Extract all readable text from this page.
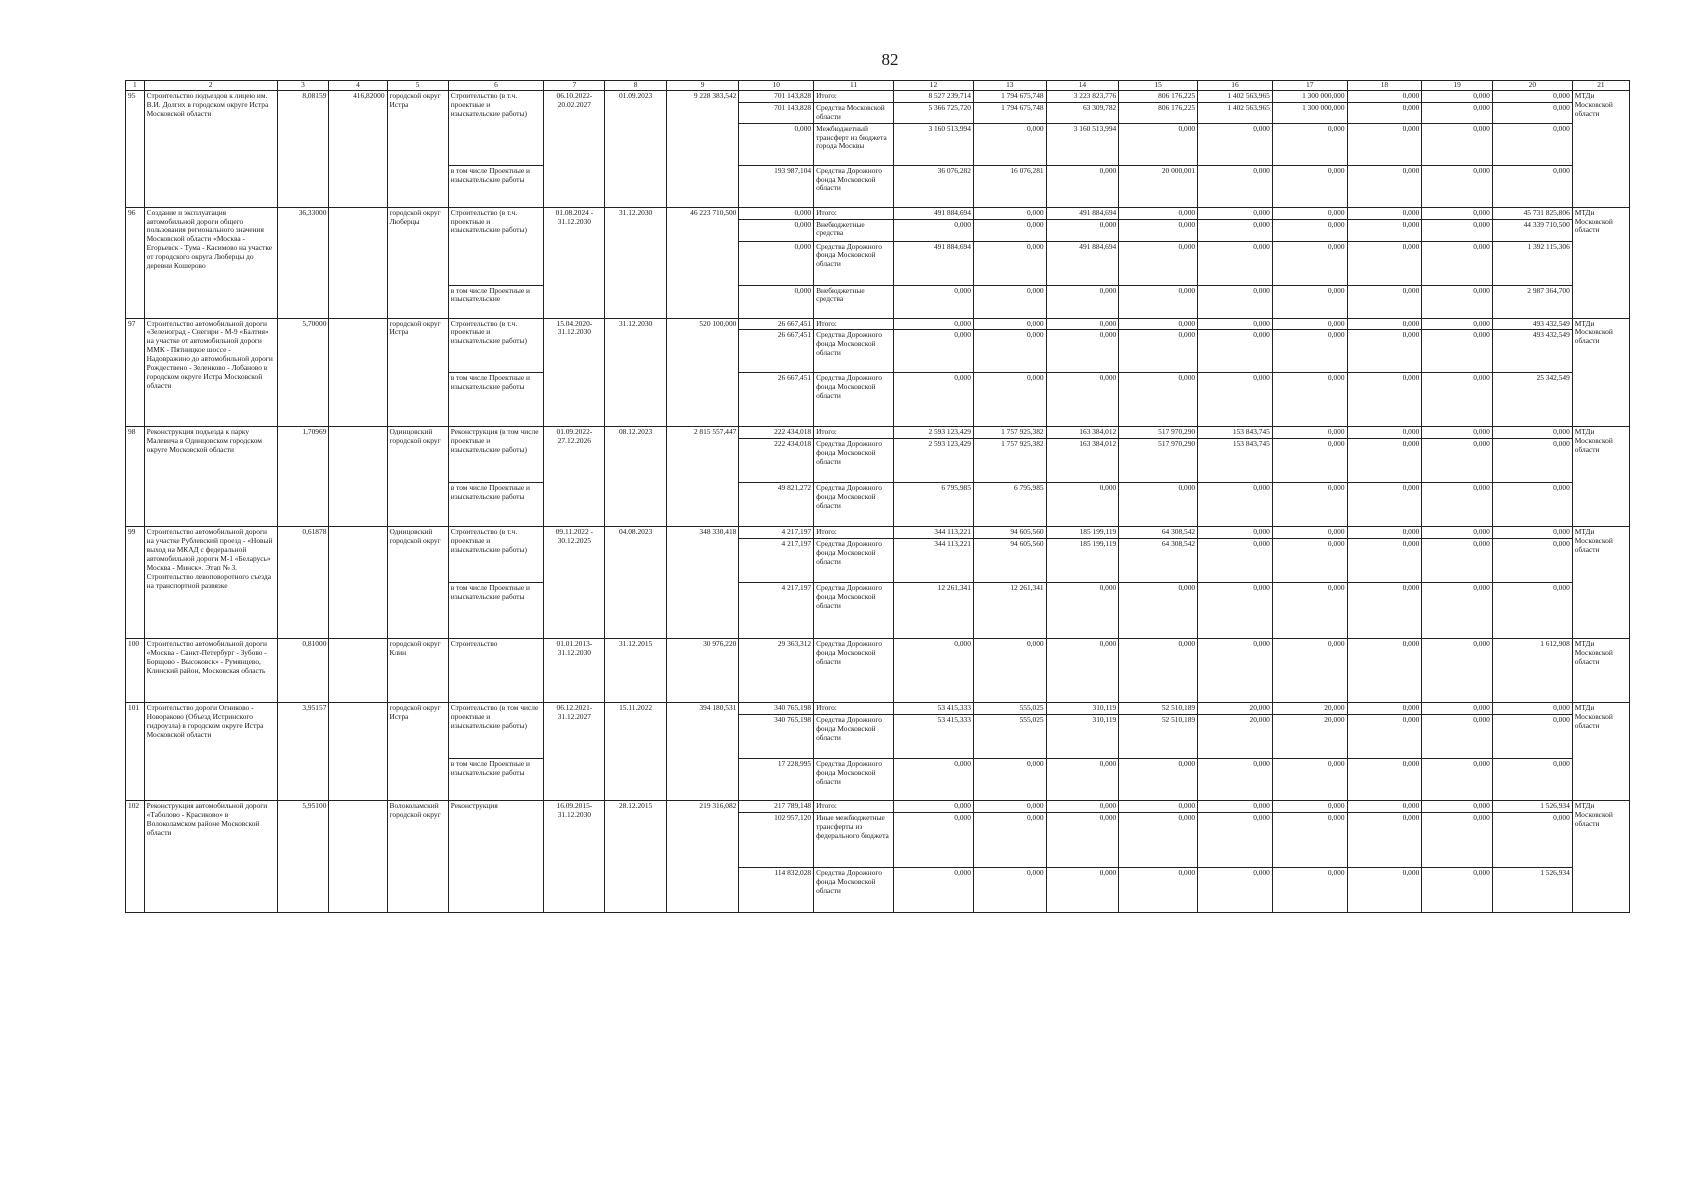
82
1	2	3	4	5	6	7	8	9	10	11	12	13	14	15	16	17	18	19	20	21
95	Строительство подъездов к лицею им. В.И. Долгих в городском округе Истра Московской области	8,08159	416,82000	городской округ Истра	Строительство (в т.ч. проектные и изыскательские работы)	06.10.2022- 20.02.2027	01.09.2023	9 228 383,542	701 143,828	Итого:	8 527 239,714	1 794 675,748	3 223 823,776	806 176,225	1 402 563,965	1 300 000,000	0,000	0,000	0,000	МТДи Московской области
									701 143,828	Средства Московской области	5 366 725,720	1 794 675,748	63 309,782	806 176,225	1 402 563,965	1 300 000,000	0,000	0,000	0,000	
									0,000	Межбюджетный трансферт из бюджета города Москвы	3 160 513,994	0,000	3 160 513,994	0,000	0,000	0,000	0,000	0,000	0,000	
					в том числе Проектные и изыскательские работы				193 987,104	Средства Дорожного фонда Московской области	36 076,282	16 076,281	0,000	20 000,001	0,000	0,000	0,000	0,000	0,000	
96	Создание и эксплуатация автомобильной дороги общего пользования регионального значения Московской области «Москва - Егорьевск - Тума - Касимово на участке от городского округа Люберцы до деревни Кошерово	36,33000		городской округ Люберцы	Строительство (в т.ч. проектные и изыскательские работы)	01.08.2024 - 31.12.2030	31.12.2030	46 223 710,500	0,000	Итого:	491 884,694	0,000	491 884,694	0,000	0,000	0,000	0,000	0,000	45 731 825,806	МТДи Московской области
									0,000	Внебюджетные средства	0,000	0,000	0,000	0,000	0,000	0,000	0,000	0,000	44 339 710,500	
									0,000	Средства Дорожного фонда Московской области	491 884,694	0,000	491 884,694	0,000	0,000	0,000	0,000	0,000	1 392 115,306	
					в том числе Проектные и изыскательские				0,000	Внебюджетные средства	0,000	0,000	0,000	0,000	0,000	0,000	0,000	0,000	2 987 364,700	
97	Строительство автомобильной дороги «Зеленоград - Снегири - М-9 «Балтия» на участке от автомобильной дороги ММК - Пятницкое шоссе - Надовражино до автомобильной дороги Рождествено - Зеленково - Лобаново в городском округе Истра Московской области	5,70000		городской округ Истра	Строительство (в т.ч. проектные и изыскательские работы)	15.04.2020- 31.12.2030	31.12.2030	520 100,000	26 667,451	Итого:	0,000	0,000	0,000	0,000	0,000	0,000	0,000	0,000	493 432,549	МТДи Московской области
									26 667,451	Средства Дорожного фонда Московской области	0,000	0,000	0,000	0,000	0,000	0,000	0,000	0,000	493 432,549	
					в том числе Проектные и изыскательские работы				26 667,451	Средства Дорожного фонда Московской области	0,000	0,000	0,000	0,000	0,000	0,000	0,000	0,000	25 342,549	
98	Реконструкция подъезда к парку Малевича в Одинцовском городском округе Московской области	1,70969		Одинцовский городской округ	Реконструкция (в том числе проектные и изыскательские работы)	01.09.2022- 27.12.2026	08.12.2023	2 815 557,447	222 434,018	Итого:	2 593 123,429	1 757 925,382	163 384,012	517 970,290	153 843,745	0,000	0,000	0,000	0,000	МТДи Московской области
									222 434,018	Средства Дорожного фонда Московской области	2 593 123,429	1 757 925,382	163 384,012	517 970,290	153 843,745	0,000	0,000	0,000	0,000	
					в том числе Проектные и изыскательские работы				49 821,272	Средства Дорожного фонда Московской области	6 795,985	6 795,985	0,000	0,000	0,000	0,000	0,000	0,000	0,000	
99	Строительство автомобильной дороги на участке Рублевский проезд - «Новый выход на МКАД с федеральной автомобильной дороги М-1 «Беларусь» Москва - Минск». Этап № 3. Строительство левоповоротного съезда на транспортной развязке	0,61878		Одинцовский городской округ	Строительство (в т.ч. проектные и изыскательские работы)	09.11.2022 - 30.12.2025	04.08.2023	348 330,418	4 217,197	Итого:	344 113,221	94 605,560	185 199,119	64 308,542	0,000	0,000	0,000	0,000	0,000	МТДи Московской области
									4 217,197	Средства Дорожного фонда Московской области	344 113,221	94 605,560	185 199,119	64 308,542	0,000	0,000	0,000	0,000	0,000	
					в том числе Проектные и изыскательские работы				4 217,197	Средства Дорожного фонда Московской области	12 261,341	12 261,341	0,000	0,000	0,000	0,000	0,000	0,000	0,000	
100	Строительство автомобильной дороги «Москва - Санкт-Петербург - Зубово - Борщово - Высоковск» - Румянцево, Клинский район, Московская область	0,81000		городской округ Клин	Строительство	01.01.2013- 31.12.2030	31.12.2015	30 976,220	29 363,312	Средства Дорожного фонда Московской области	0,000	0,000	0,000	0,000	0,000	0,000	0,000	0,000	1 612,908	МТДи Московской области
101	Строительство дороги Огниково - Новораково (Объезд Истринского гидроузла) в городском округе Истра Московской области	3,95157		городской округ Истра	Строительство (в том числе проектные и изыскательские работы)	06.12.2021- 31.12.2027	15.11.2022	394 180,531	340 765,198	Итого:	53 415,333	555,025	310,119	52 510,189	20,000	20,000	0,000	0,000	0,000	МТДи Московской области
									340 765,198	Средства Дорожного фонда Московской области	53 415,333	555,025	310,119	52 510,189	20,000	20,000	0,000	0,000	0,000	
					в том числе Проектные и изыскательские работы				17 228,995	Средства Дорожного фонда Московской области	0,000	0,000	0,000	0,000	0,000	0,000	0,000	0,000	0,000	
102	Реконструкция автомобильной дороги «Таболово - Красиково» в Волоколамском районе Московской области	5,95100		Волоколамский городской округ	Реконструкция	16.09.2015- 31.12.2030	28.12.2015	219 316,082	217 789,148	Итого:	0,000	0,000	0,000	0,000	0,000	0,000	0,000	0,000	1 526,934	МТДи Московской области
									102 957,120	Иные межбюджетные трансферты из федерального бюджета	0,000	0,000	0,000	0,000	0,000	0,000	0,000	0,000	0,000	
									114 832,028	Средства Дорожного фонда Московской области	0,000	0,000	0,000	0,000	0,000	0,000	0,000	0,000	1 526,934	
